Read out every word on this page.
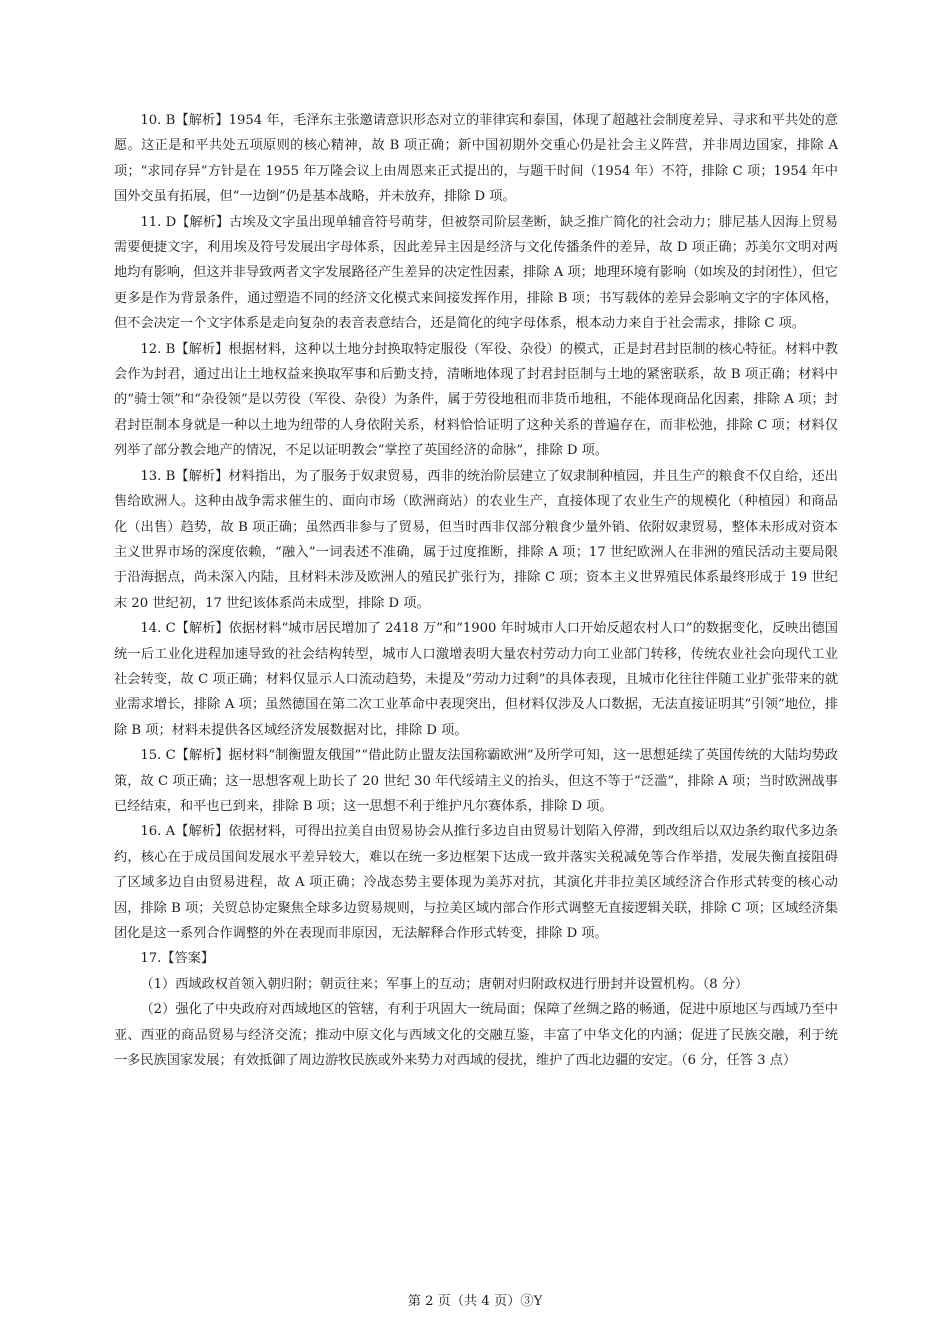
10. B【解析】1954 年，毛泽东主张邀请意识形态对立的菲律宾和泰国，体现了超越社会制度差异、寻求和平共处的意愿。这正是和平共处五项原则的核心精神，故 B 项正确；新中国初期外交重心仍是社会主义阵营，并非周边国家，排除 A 项；“求同存异”方针是在 1955 年万隆会议上由周恩来正式提出的，与题干时间（1954 年）不符，排除 C 项；1954 年中国外交虽有拓展，但“一边倒”仍是基本战略，并未放弃，排除 D 项。

11. D【解析】古埃及文字虽出现单辅音符号萌芽，但被祭司阶层垄断，缺乏推广简化的社会动力；腓尼基人因海上贸易需要便捷文字，利用埃及符号发展出字母体系，因此差异主因是经济与文化传播条件的差异，故 D 项正确；苏美尔文明对两地均有影响，但这并非导致两者文字发展路径产生差异的决定性因素，排除 A 项；地理环境有影响（如埃及的封闭性），但它更多是作为背景条件，通过塑造不同的经济文化模式来间接发挥作用，排除 B 项；书写载体的差异会影响文字的字体风格，但不会决定一个文字体系是走向复杂的表音表意结合，还是简化的纯字母体系，根本动力来自于社会需求，排除 C 项。

12. B【解析】根据材料，这种以土地分封换取特定服役（军役、杂役）的模式，正是封君封臣制的核心特征。材料中教会作为封君，通过出让土地权益来换取军事和后勤支持，清晰地体现了封君封臣制与土地的紧密联系，故 B 项正确；材料中的“骑士领”和“杂役领”是以劳役（军役、杂役）为条件，属于劳役地租而非货币地租，不能体现商品化因素，排除 A 项；封君封臣制本身就是一种以土地为纽带的人身依附关系，材料恰恰证明了这种关系的普遍存在，而非松弛，排除 C 项；材料仅列举了部分教会地产的情况，不足以证明教会“掌控了英国经济的命脉”，排除 D 项。

13. B【解析】材料指出，为了服务于奴隶贸易，西非的统治阶层建立了奴隶制种植园，并且生产的粮食不仅自给，还出售给欧洲人。这种由战争需求催生的、面向市场（欧洲商站）的农业生产，直接体现了农业生产的规模化（种植园）和商品化（出售）趋势，故 B 项正确；虽然西非参与了贸易，但当时西非仅部分粮食少量外销、依附奴隶贸易，整体未形成对资本主义世界市场的深度依赖，“融入”一词表述不准确，属于过度推断，排除 A 项；17 世纪欧洲人在非洲的殖民活动主要局限于沿海据点，尚未深入内陆，且材料未涉及欧洲人的殖民扩张行为，排除 C 项；资本主义世界殖民体系最终形成于 19 世纪末 20 世纪初，17 世纪该体系尚未成型，排除 D 项。

14. C【解析】依据材料“城市居民增加了 2418 万”和“1900 年时城市人口开始反超农村人口”的数据变化，反映出德国统一后工业化进程加速导致的社会结构转型，城市人口激增表明大量农村劳动力向工业部门转移，传统农业社会向现代工业社会转变，故 C 项正确；材料仅显示人口流动趋势，未提及“劳动力过剩”的具体表现，且城市化往往伴随工业扩张带来的就业需求增长，排除 A 项；虽然德国在第二次工业革命中表现突出，但材料仅涉及人口数据，无法直接证明其“引领”地位，排除 B 项；材料未提供各区域经济发展数据对比，排除 D 项。

15. C【解析】据材料“制衡盟友俄国”“借此防止盟友法国称霸欧洲”及所学可知，这一思想延续了英国传统的大陆均势政策，故 C 项正确；这一思想客观上助长了 20 世纪 30 年代绥靖主义的抬头，但这不等于“泛滥”，排除 A 项；当时欧洲战事已经结束，和平也已到来，排除 B 项；这一思想不利于维护凡尔赛体系，排除 D 项。

16. A【解析】依据材料，可得出拉美自由贸易协会从推行多边自由贸易计划陷入停滞，到改组后以双边条约取代多边条约，核心在于成员国间发展水平差异较大，难以在统一多边框架下达成一致并落实关税减免等合作举措，发展失衡直接阻碍了区域多边自由贸易进程，故 A 项正确；冷战态势主要体现为美苏对抗，其演化并非拉美区域经济合作形式转变的核心动因，排除 B 项；关贸总协定聚焦全球多边贸易规则，与拉美区域内部合作形式调整无直接逻辑关联，排除 C 项；区域经济集团化是这一系列合作调整的外在表现而非原因，无法解释合作形式转变，排除 D 项。

17.【答案】

（1）西域政权首领入朝归附；朝贡往来；军事上的互动；唐朝对归附政权进行册封并设置机构。（8 分）

（2）强化了中央政府对西域地区的管辖，有利于巩固大一统局面；保障了丝绸之路的畅通，促进中原地区与西域乃至中亚、西亚的商品贸易与经济交流；推动中原文化与西域文化的交融互鉴，丰富了中华文化的内涵；促进了民族交融，利于统一多民族国家发展；有效抵御了周边游牧民族或外来势力对西域的侵扰，维护了西北边疆的安定。（6 分，任答 3 点）

第 2 页（共 4 页）③Y
